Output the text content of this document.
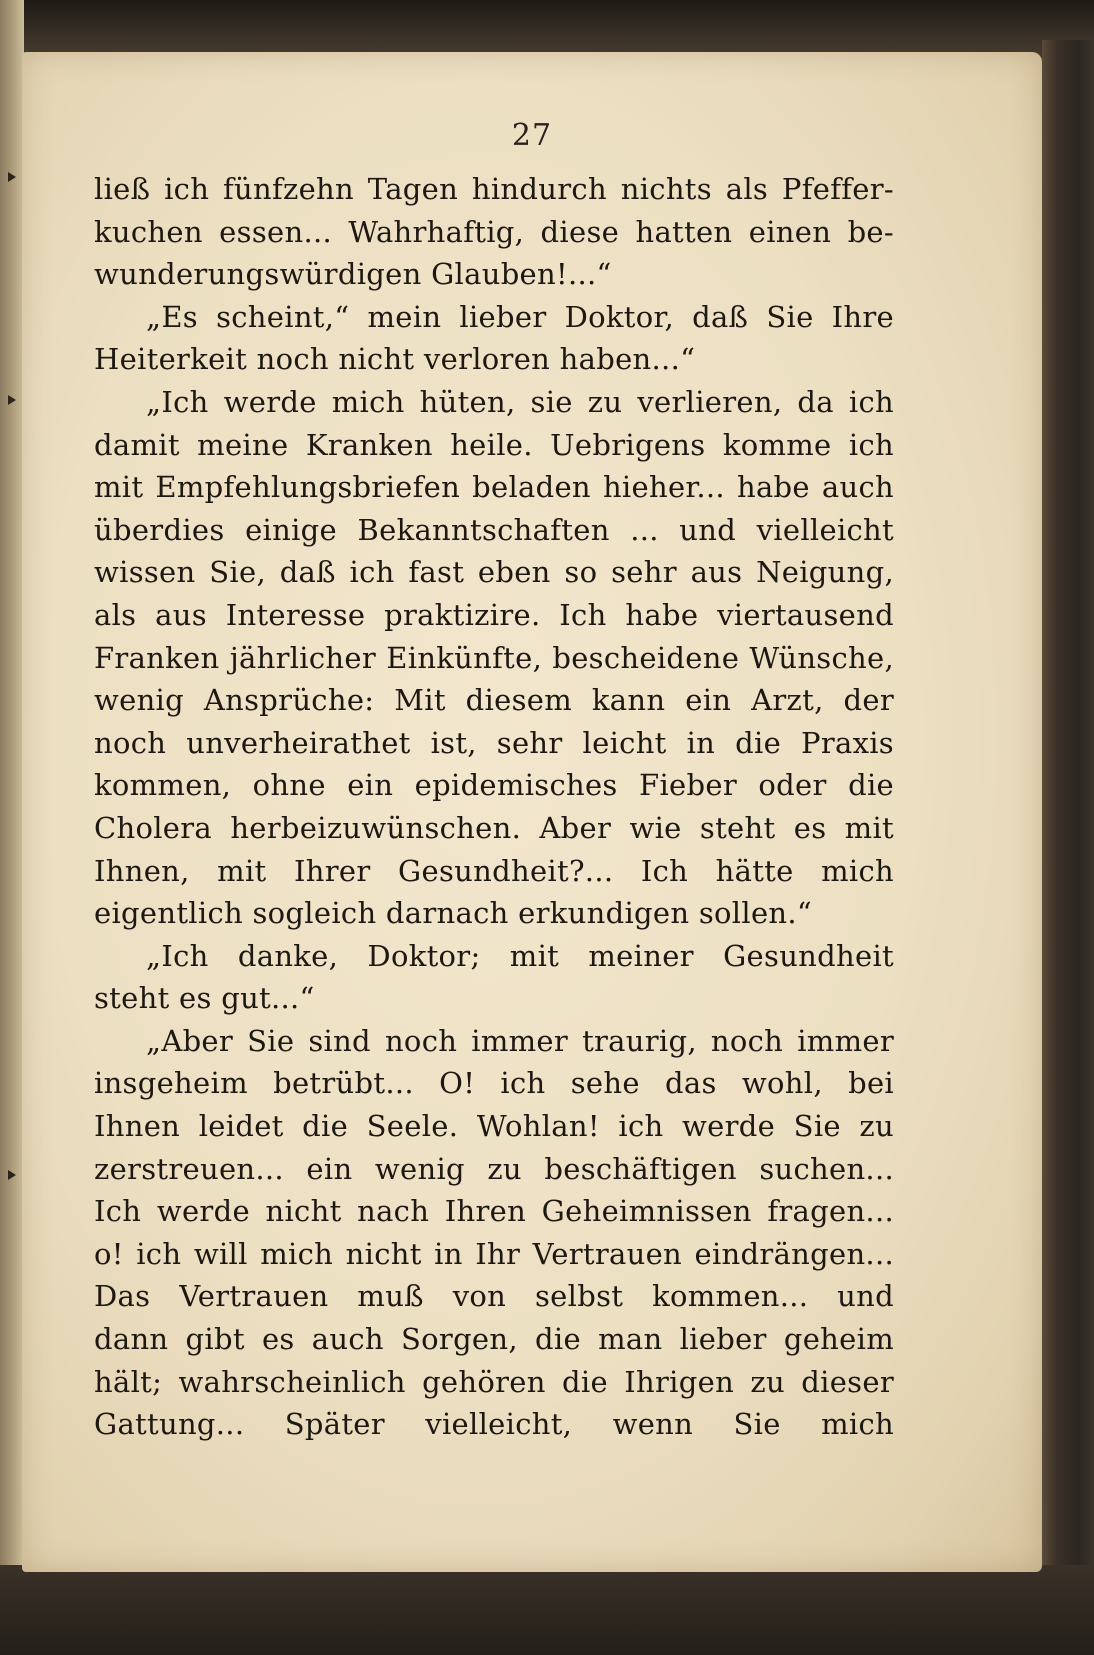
27
ließ ich fünfzehn Tagen hindurch nichts als Pfeffer-
kuchen essen... Wahrhaftig, diese hatten einen be-
wunderungswürdigen Glauben!...“
„Es scheint,“ mein lieber Doktor, daß Sie Ihre
Heiterkeit noch nicht verloren haben...“
„Ich werde mich hüten, sie zu verlieren, da ich
damit meine Kranken heile. Uebrigens komme ich
mit Empfehlungsbriefen beladen hieher... habe auch
überdies einige Bekanntschaften ... und vielleicht
wissen Sie, daß ich fast eben so sehr aus Neigung,
als aus Interesse praktizire. Ich habe viertausend
Franken jährlicher Einkünfte, bescheidene Wünsche,
wenig Ansprüche: Mit diesem kann ein Arzt, der
noch unverheirathet ist, sehr leicht in die Praxis
kommen, ohne ein epidemisches Fieber oder die
Cholera herbeizuwünschen. Aber wie steht es mit
Ihnen, mit Ihrer Gesundheit?... Ich hätte mich
eigentlich sogleich darnach erkundigen sollen.“
„Ich danke, Doktor; mit meiner Gesundheit
steht es gut...“
„Aber Sie sind noch immer traurig, noch immer
insgeheim betrübt... O! ich sehe das wohl, bei
Ihnen leidet die Seele. Wohlan! ich werde Sie zu
zerstreuen... ein wenig zu beschäftigen suchen...
Ich werde nicht nach Ihren Geheimnissen fragen...
o! ich will mich nicht in Ihr Vertrauen eindrängen...
Das Vertrauen muß von selbst kommen... und
dann gibt es auch Sorgen, die man lieber geheim
hält; wahrscheinlich gehören die Ihrigen zu dieser
Gattung... Später vielleicht, wenn Sie mich
